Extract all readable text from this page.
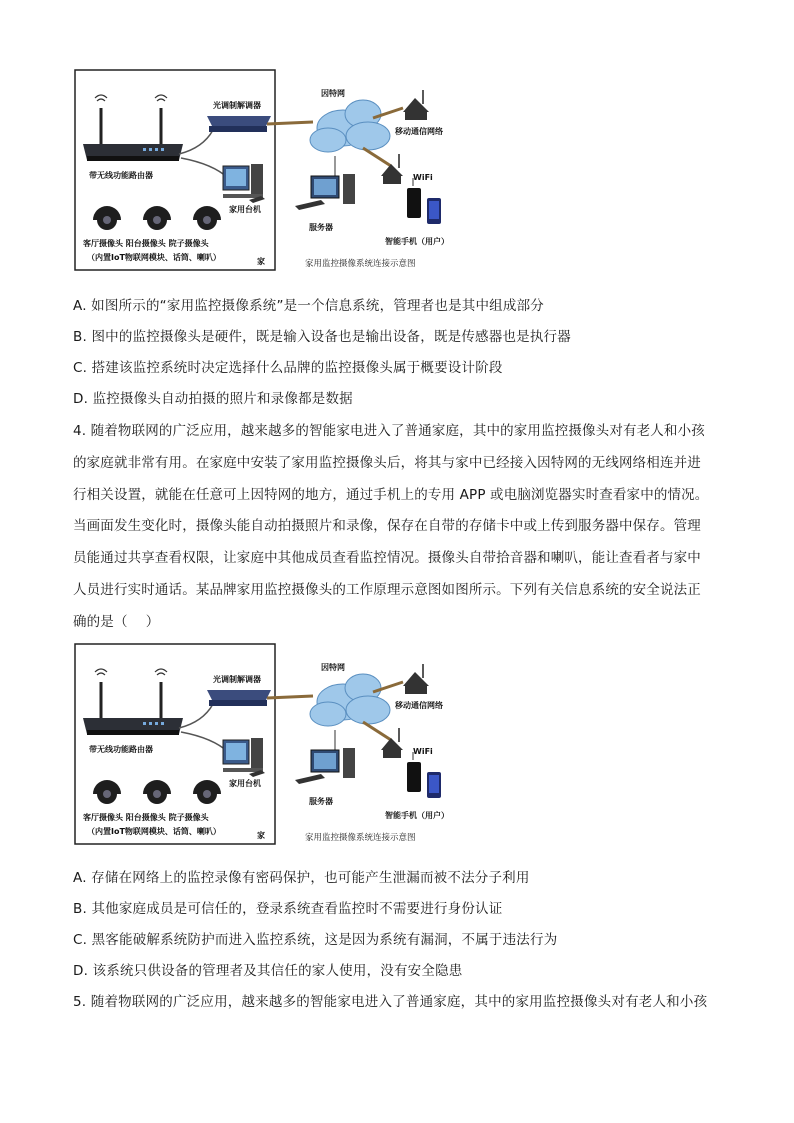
带无线功能路由器
光调制解调器
家用台机
客厅摄像头 阳台摄像头 院子摄像头
（内置IoT物联网模块、话筒、喇叭）	家
因特网
移动通信网络
WiFi
服务器
智能手机（用户）
家用监控摄像系统连接示意图
A. 如图所示的“家用监控摄像系统”是一个信息系统，管理者也是其中组成部分
B. 图中的监控摄像头是硬件，既是输入设备也是输出设备，既是传感器也是执行器
C. 搭建该监控系统时决定选择什么品牌的监控摄像头属于概要设计阶段
D. 监控摄像头自动拍摄的照片和录像都是数据
4. 随着物联网的广泛应用，越来越多的智能家电进入了普通家庭，其中的家用监控摄像头对有老人和小孩
的家庭就非常有用。在家庭中安装了家用监控摄像头后，将其与家中已经接入因特网的无线网络相连并进
行相关设置，就能在任意可上因特网的地方，通过手机上的专用 APP 或电脑浏览器实时查看家中的情况。
当画面发生变化时，摄像头能自动拍摄照片和录像，保存在自带的存储卡中或上传到服务器中保存。管理
员能通过共享查看权限，让家庭中其他成员查看监控情况。摄像头自带拾音器和喇叭，能让查看者与家中
人员进行实时通话。某品牌家用监控摄像头的工作原理示意图如图所示。下列有关信息系统的安全说法正
确的是（　 ）
带无线功能路由器
光调制解调器
家用台机
客厅摄像头 阳台摄像头 院子摄像头
（内置IoT物联网模块、话筒、喇叭）	家
因特网
移动通信网络
WiFi
服务器
智能手机（用户）
家用监控摄像系统连接示意图
A. 存储在网络上的监控录像有密码保护，也可能产生泄漏而被不法分子利用
B. 其他家庭成员是可信任的，登录系统查看监控时不需要进行身份认证
C. 黑客能破解系统防护而进入监控系统，这是因为系统有漏洞，不属于违法行为
D. 该系统只供设备的管理者及其信任的家人使用，没有安全隐患
5. 随着物联网的广泛应用，越来越多的智能家电进入了普通家庭，其中的家用监控摄像头对有老人和小孩
